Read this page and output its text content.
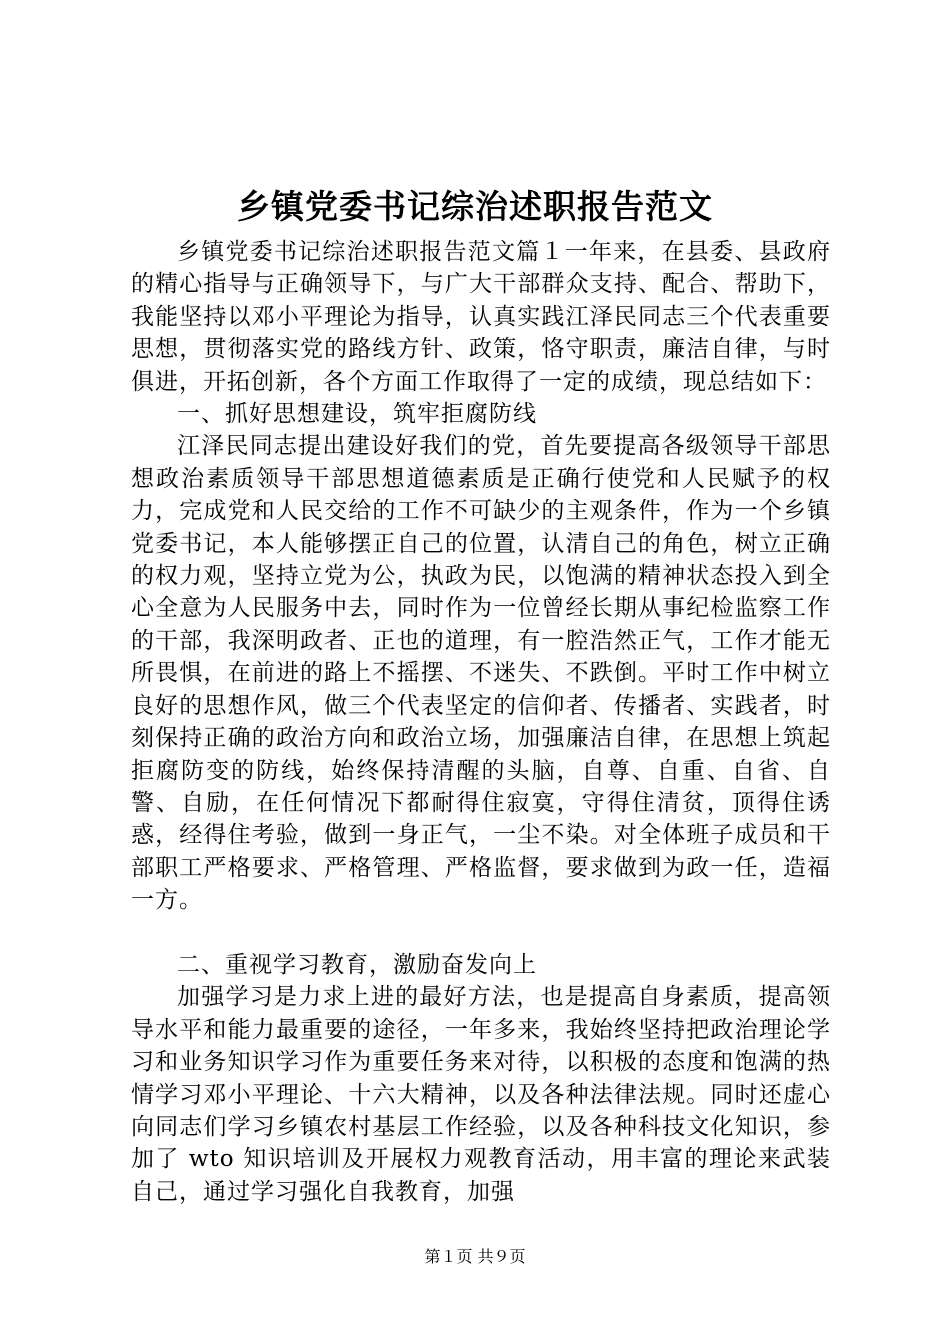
乡镇党委书记综治述职报告范文

乡镇党委书记综治述职报告范文篇１一年来，在县委、县政府的精心指导与正确领导下，与广大干部群众支持、配合、帮助下，我能坚持以邓小平理论为指导，认真实践江泽民同志三个代表重要思想，贯彻落实党的路线方针、政策，恪守职责，廉洁自律，与时俱进，开拓创新，各个方面工作取得了一定的成绩，现总结如下：

一、抓好思想建设，筑牢拒腐防线

江泽民同志提出建设好我们的党，首先要提高各级领导干部思想政治素质领导干部思想道德素质是正确行使党和人民赋予的权力，完成党和人民交给的工作不可缺少的主观条件，作为一个乡镇党委书记，本人能够摆正自己的位置，认清自己的角色，树立正确的权力观，坚持立党为公，执政为民，以饱满的精神状态投入到全心全意为人民服务中去，同时作为一位曾经长期从事纪检监察工作的干部，我深明政者、正也的道理，有一腔浩然正气，工作才能无所畏惧，在前进的路上不摇摆、不迷失、不跌倒。平时工作中树立良好的思想作风，做三个代表坚定的信仰者、传播者、实践者，时刻保持正确的政治方向和政治立场，加强廉洁自律，在思想上筑起拒腐防变的防线，始终保持清醒的头脑，自尊、自重、自省、自警、自励，在任何情况下都耐得住寂寞，守得住清贫，顶得住诱惑，经得住考验，做到一身正气，一尘不染。对全体班子成员和干部职工严格要求、严格管理、严格监督，要求做到为政一任，造福一方。

二、重视学习教育，激励奋发向上

加强学习是力求上进的最好方法，也是提高自身素质，提高领导水平和能力最重要的途径，一年多来，我始终坚持把政治理论学习和业务知识学习作为重要任务来对待，以积极的态度和饱满的热情学习邓小平理论、十六大精神，以及各种法律法规。同时还虚心向同志们学习乡镇农村基层工作经验，以及各种科技文化知识，参加了 wto 知识培训及开展权力观教育活动，用丰富的理论来武装自己，通过学习强化自我教育，加强

第１页 共９页
